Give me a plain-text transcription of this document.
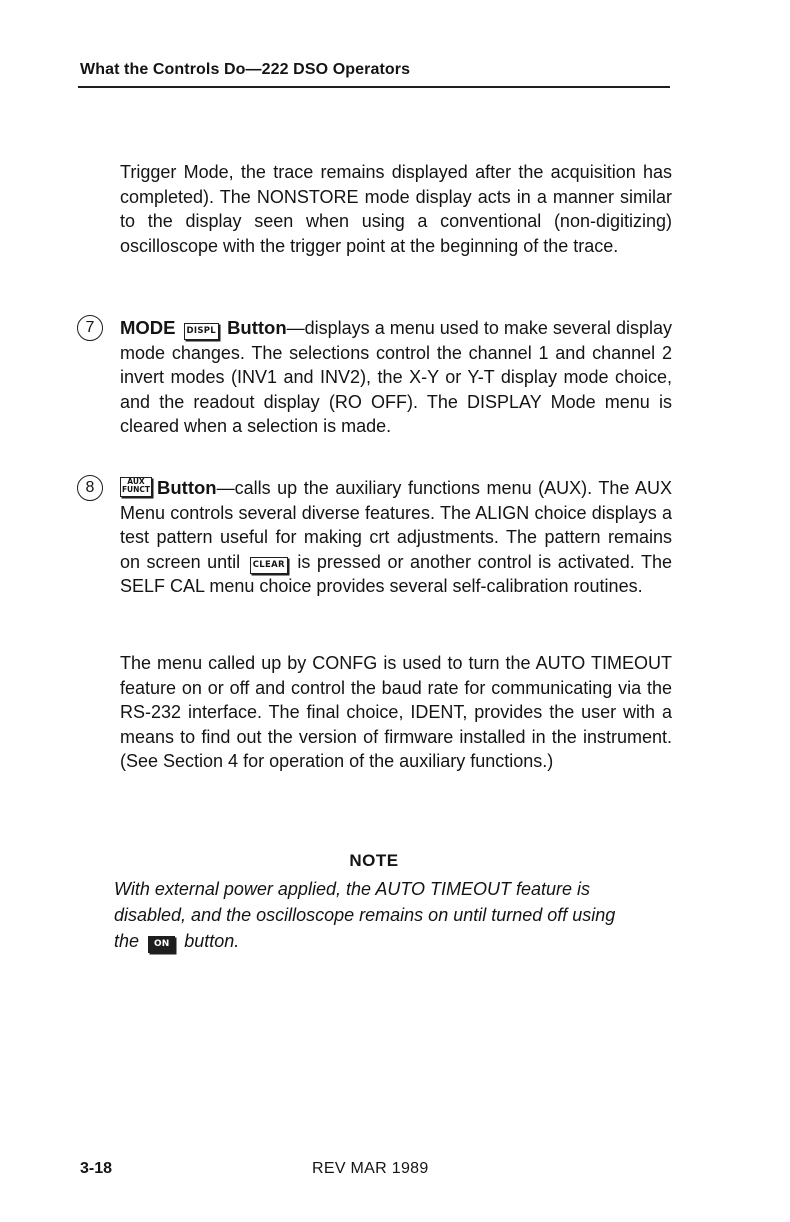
What the Controls Do—222 DSO Operators

Trigger Mode, the trace remains displayed after the acquisition has completed). The NONSTORE mode display acts in a manner similar to the display seen when using a conventional (non-digitizing) oscilloscope with the trigger point at the beginning of the trace.

7	MODE DISPL Button—displays a menu used to make several display mode changes. The selections control the channel 1 and channel 2 invert modes (INV1 and INV2), the X-Y or Y-T display mode choice, and the readout display (RO OFF). The DISPLAY Mode menu is cleared when a selection is made.

8	AUX
FUNCT Button—calls up the auxiliary functions menu (AUX). The AUX Menu controls several diverse features. The ALIGN choice displays a test pattern useful for making crt adjustments. The pattern remains on screen until CLEAR is pressed or another control is activated. The SELF CAL menu choice provides several self-calibration routines.

The menu called up by CONFG is used to turn the AUTO TIMEOUT feature on or off and control the baud rate for communicating via the RS-232 interface. The final choice, IDENT, provides the user with a means to find out the version of firmware installed in the instrument. (See Section 4 for operation of the auxiliary functions.)

NOTE

With external power applied, the AUTO TIMEOUT feature is disabled, and the oscilloscope remains on until turned off using the ON button.

3-18	REV MAR 1989
